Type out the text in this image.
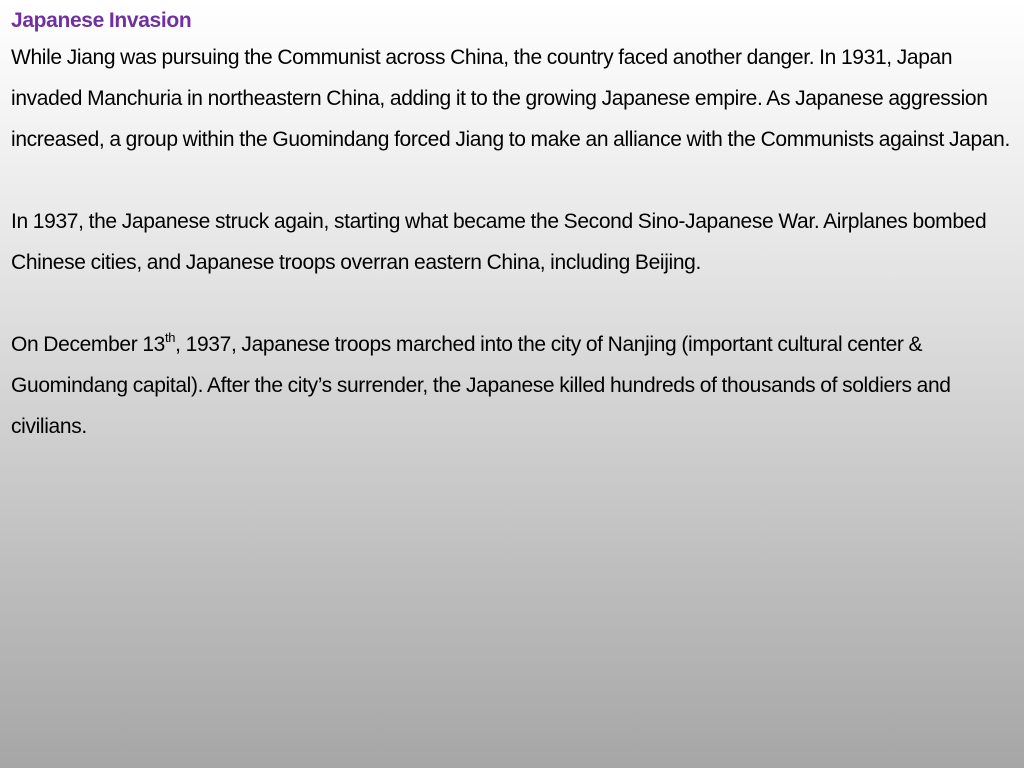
Japanese Invasion

While Jiang was pursuing the Communist across China, the country faced another danger. In 1931, Japan invaded Manchuria in northeastern China, adding it to the growing Japanese empire. As Japanese aggression increased, a group within the Guomindang forced Jiang to make an alliance with the Communists against Japan.

In 1937, the Japanese struck again, starting what became the Second Sino-Japanese War. Airplanes bombed Chinese cities, and Japanese troops overran eastern China, including Beijing.

On December 13th, 1937, Japanese troops marched into the city of Nanjing (important cultural center & Guomindang capital). After the city’s surrender, the Japanese killed hundreds of thousands of soldiers and civilians.
